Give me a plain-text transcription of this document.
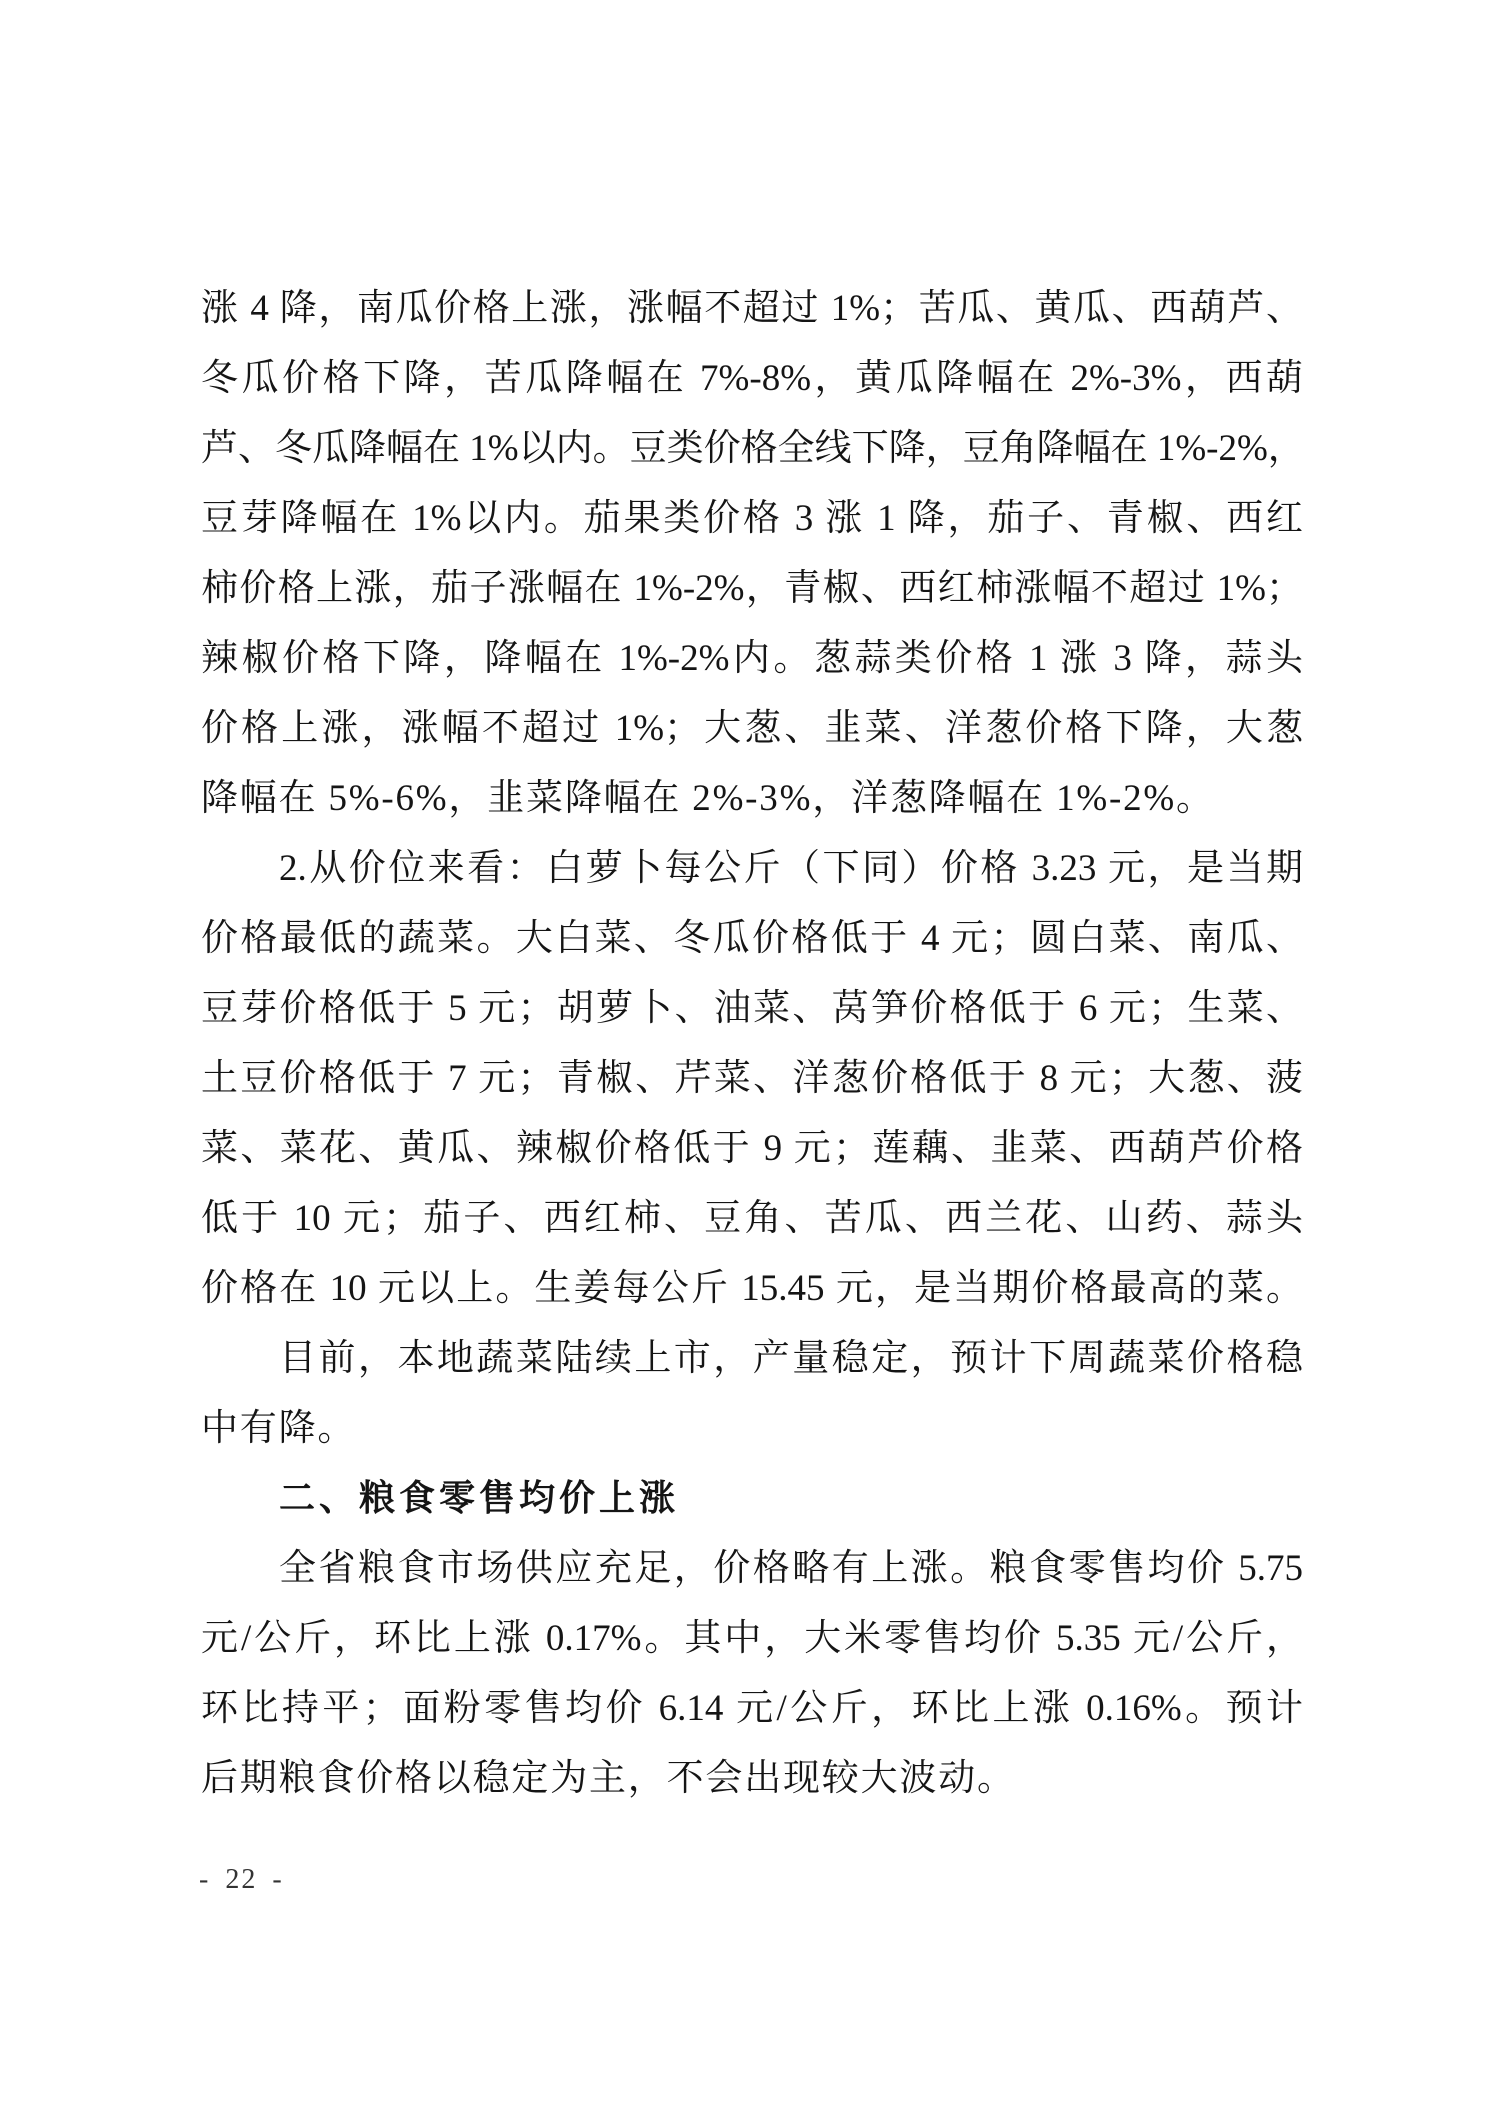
涨 4 降，南瓜价格上涨，涨幅不超过 1%；苦瓜、黄瓜、西葫芦、
冬瓜价格下降，苦瓜降幅在 7%-8%，黄瓜降幅在 2%-3%，西葫
芦、冬瓜降幅在 1%以内。豆类价格全线下降，豆角降幅在 1%-2%，
豆芽降幅在 1%以内。茄果类价格 3 涨 1 降，茄子、青椒、西红
柿价格上涨，茄子涨幅在 1%-2%，青椒、西红柿涨幅不超过 1%；
辣椒价格下降，降幅在 1%-2%内。葱蒜类价格 1 涨 3 降，蒜头
价格上涨，涨幅不超过 1%；大葱、韭菜、洋葱价格下降，大葱
降幅在 5%-6%，韭菜降幅在 2%-3%，洋葱降幅在 1%-2%。
2.从价位来看：白萝卜每公斤（下同）价格 3.23 元，是当期
价格最低的蔬菜。大白菜、冬瓜价格低于 4 元；圆白菜、南瓜、
豆芽价格低于 5 元；胡萝卜、油菜、莴笋价格低于 6 元；生菜、
土豆价格低于 7 元；青椒、芹菜、洋葱价格低于 8 元；大葱、菠
菜、菜花、黄瓜、辣椒价格低于 9 元；莲藕、韭菜、西葫芦价格
低于 10 元；茄子、西红柿、豆角、苦瓜、西兰花、山药、蒜头
价格在 10 元以上。生姜每公斤 15.45 元，是当期价格最高的菜。
目前，本地蔬菜陆续上市，产量稳定，预计下周蔬菜价格稳
中有降。
二、粮食零售均价上涨
全省粮食市场供应充足，价格略有上涨。粮食零售均价 5.75
元/公斤，环比上涨 0.17%。其中，大米零售均价 5.35 元/公斤，
环比持平；面粉零售均价 6.14 元/公斤，环比上涨 0.16%。预计
后期粮食价格以稳定为主，不会出现较大波动。
- 22 -
